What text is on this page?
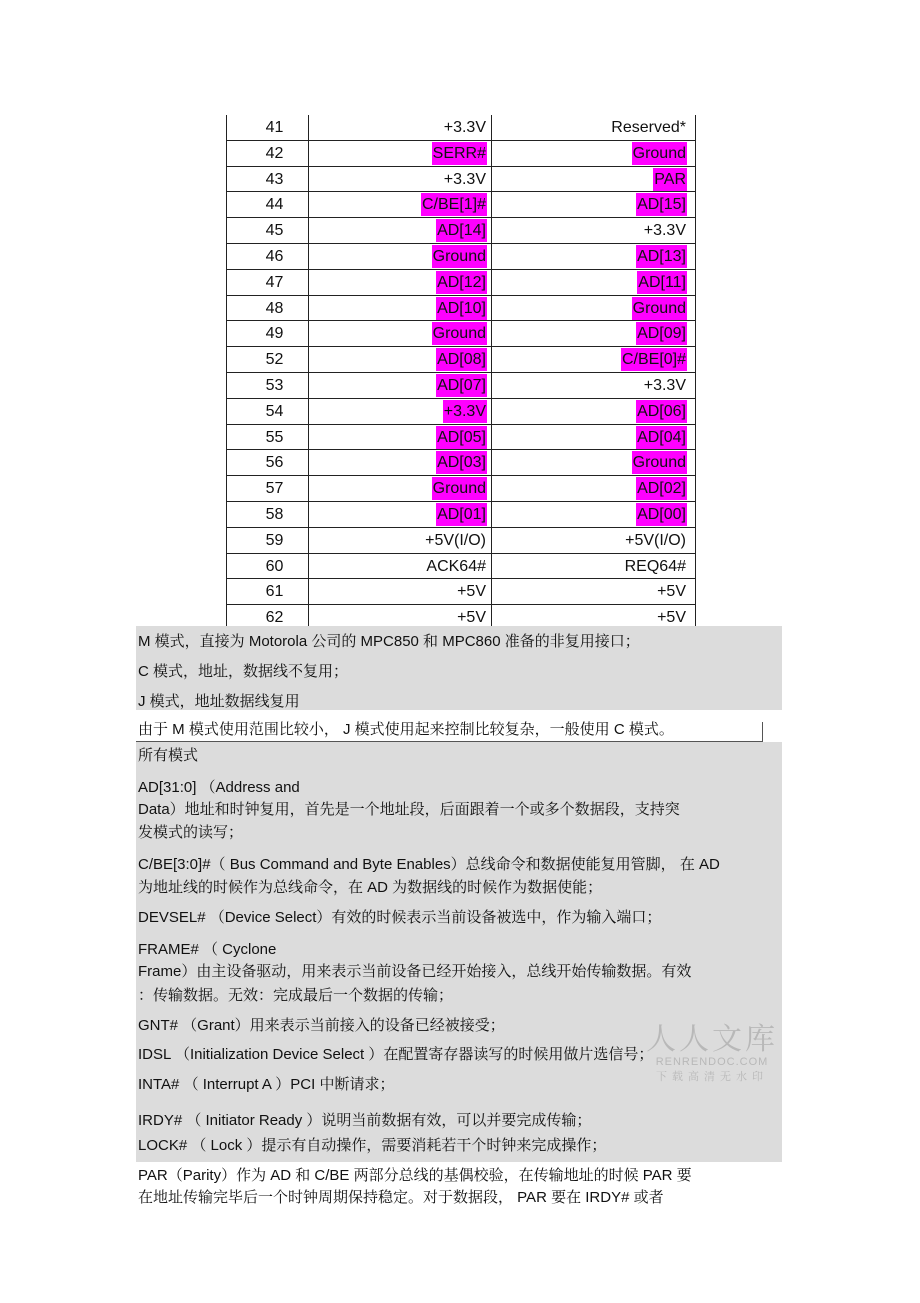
41	+3.3V	Reserved*
42	SERR#	Ground
43	+3.3V	PAR
44	C/BE[1]#	AD[15]
45	AD[14]	+3.3V
46	Ground	AD[13]
47	AD[12]	AD[11]
48	AD[10]	Ground
49	Ground	AD[09]
52	AD[08]	C/BE[0]#
53	AD[07]	+3.3V
54	+3.3V	AD[06]
55	AD[05]	AD[04]
56	AD[03]	Ground
57	Ground	AD[02]
58	AD[01]	AD[00]
59	+5V(I/O)	+5V(I/O)
60	ACK64#	REQ64#
61	+5V	+5V
62	+5V	+5V
M 模式，直接为 Motorola 公司的 MPC850 和 MPC860 准备的非复用接口；
C 模式，地址，数据线不复用；
J 模式，地址数据线复用
由于 M 模式使用范围比较小， J 模式使用起来控制比较复杂，一般使用 C 模式。
所有模式
AD[31:0] （Address and
Data）地址和时钟复用，首先是一个地址段，后面跟着一个或多个数据段，支持突
发模式的读写；
C/BE[3:0]#（ Bus Command and Byte Enables）总线命令和数据使能复用管脚， 在 AD
为地址线的时候作为总线命令，在 AD 为数据线的时候作为数据使能；
DEVSEL# （Device Select）有效的时候表示当前设备被选中，作为输入端口；
FRAME# （ Cyclone
Frame）由主设备驱动，用来表示当前设备已经开始接入，总线开始传输数据。有效
：传输数据。无效：完成最后一个数据的传输；
GNT# （Grant）用来表示当前接入的设备已经被接受；
IDSL （Initialization Device Select ）在配置寄存器读写的时候用做片选信号；
INTA# （ Interrupt A ）PCI 中断请求；
IRDY# （ Initiator Ready ）说明当前数据有效，可以并要完成传输；
LOCK# （ Lock ）提示有自动操作，需要消耗若干个时钟来完成操作；
PAR（Parity）作为 AD 和 C/BE 两部分总线的基偶校验，在传输地址的时候 PAR 要
在地址传输完毕后一个时钟周期保持稳定。对于数据段， PAR 要在 IRDY# 或者
人人文库
RENRENDOC.COM
下载高清无水印
